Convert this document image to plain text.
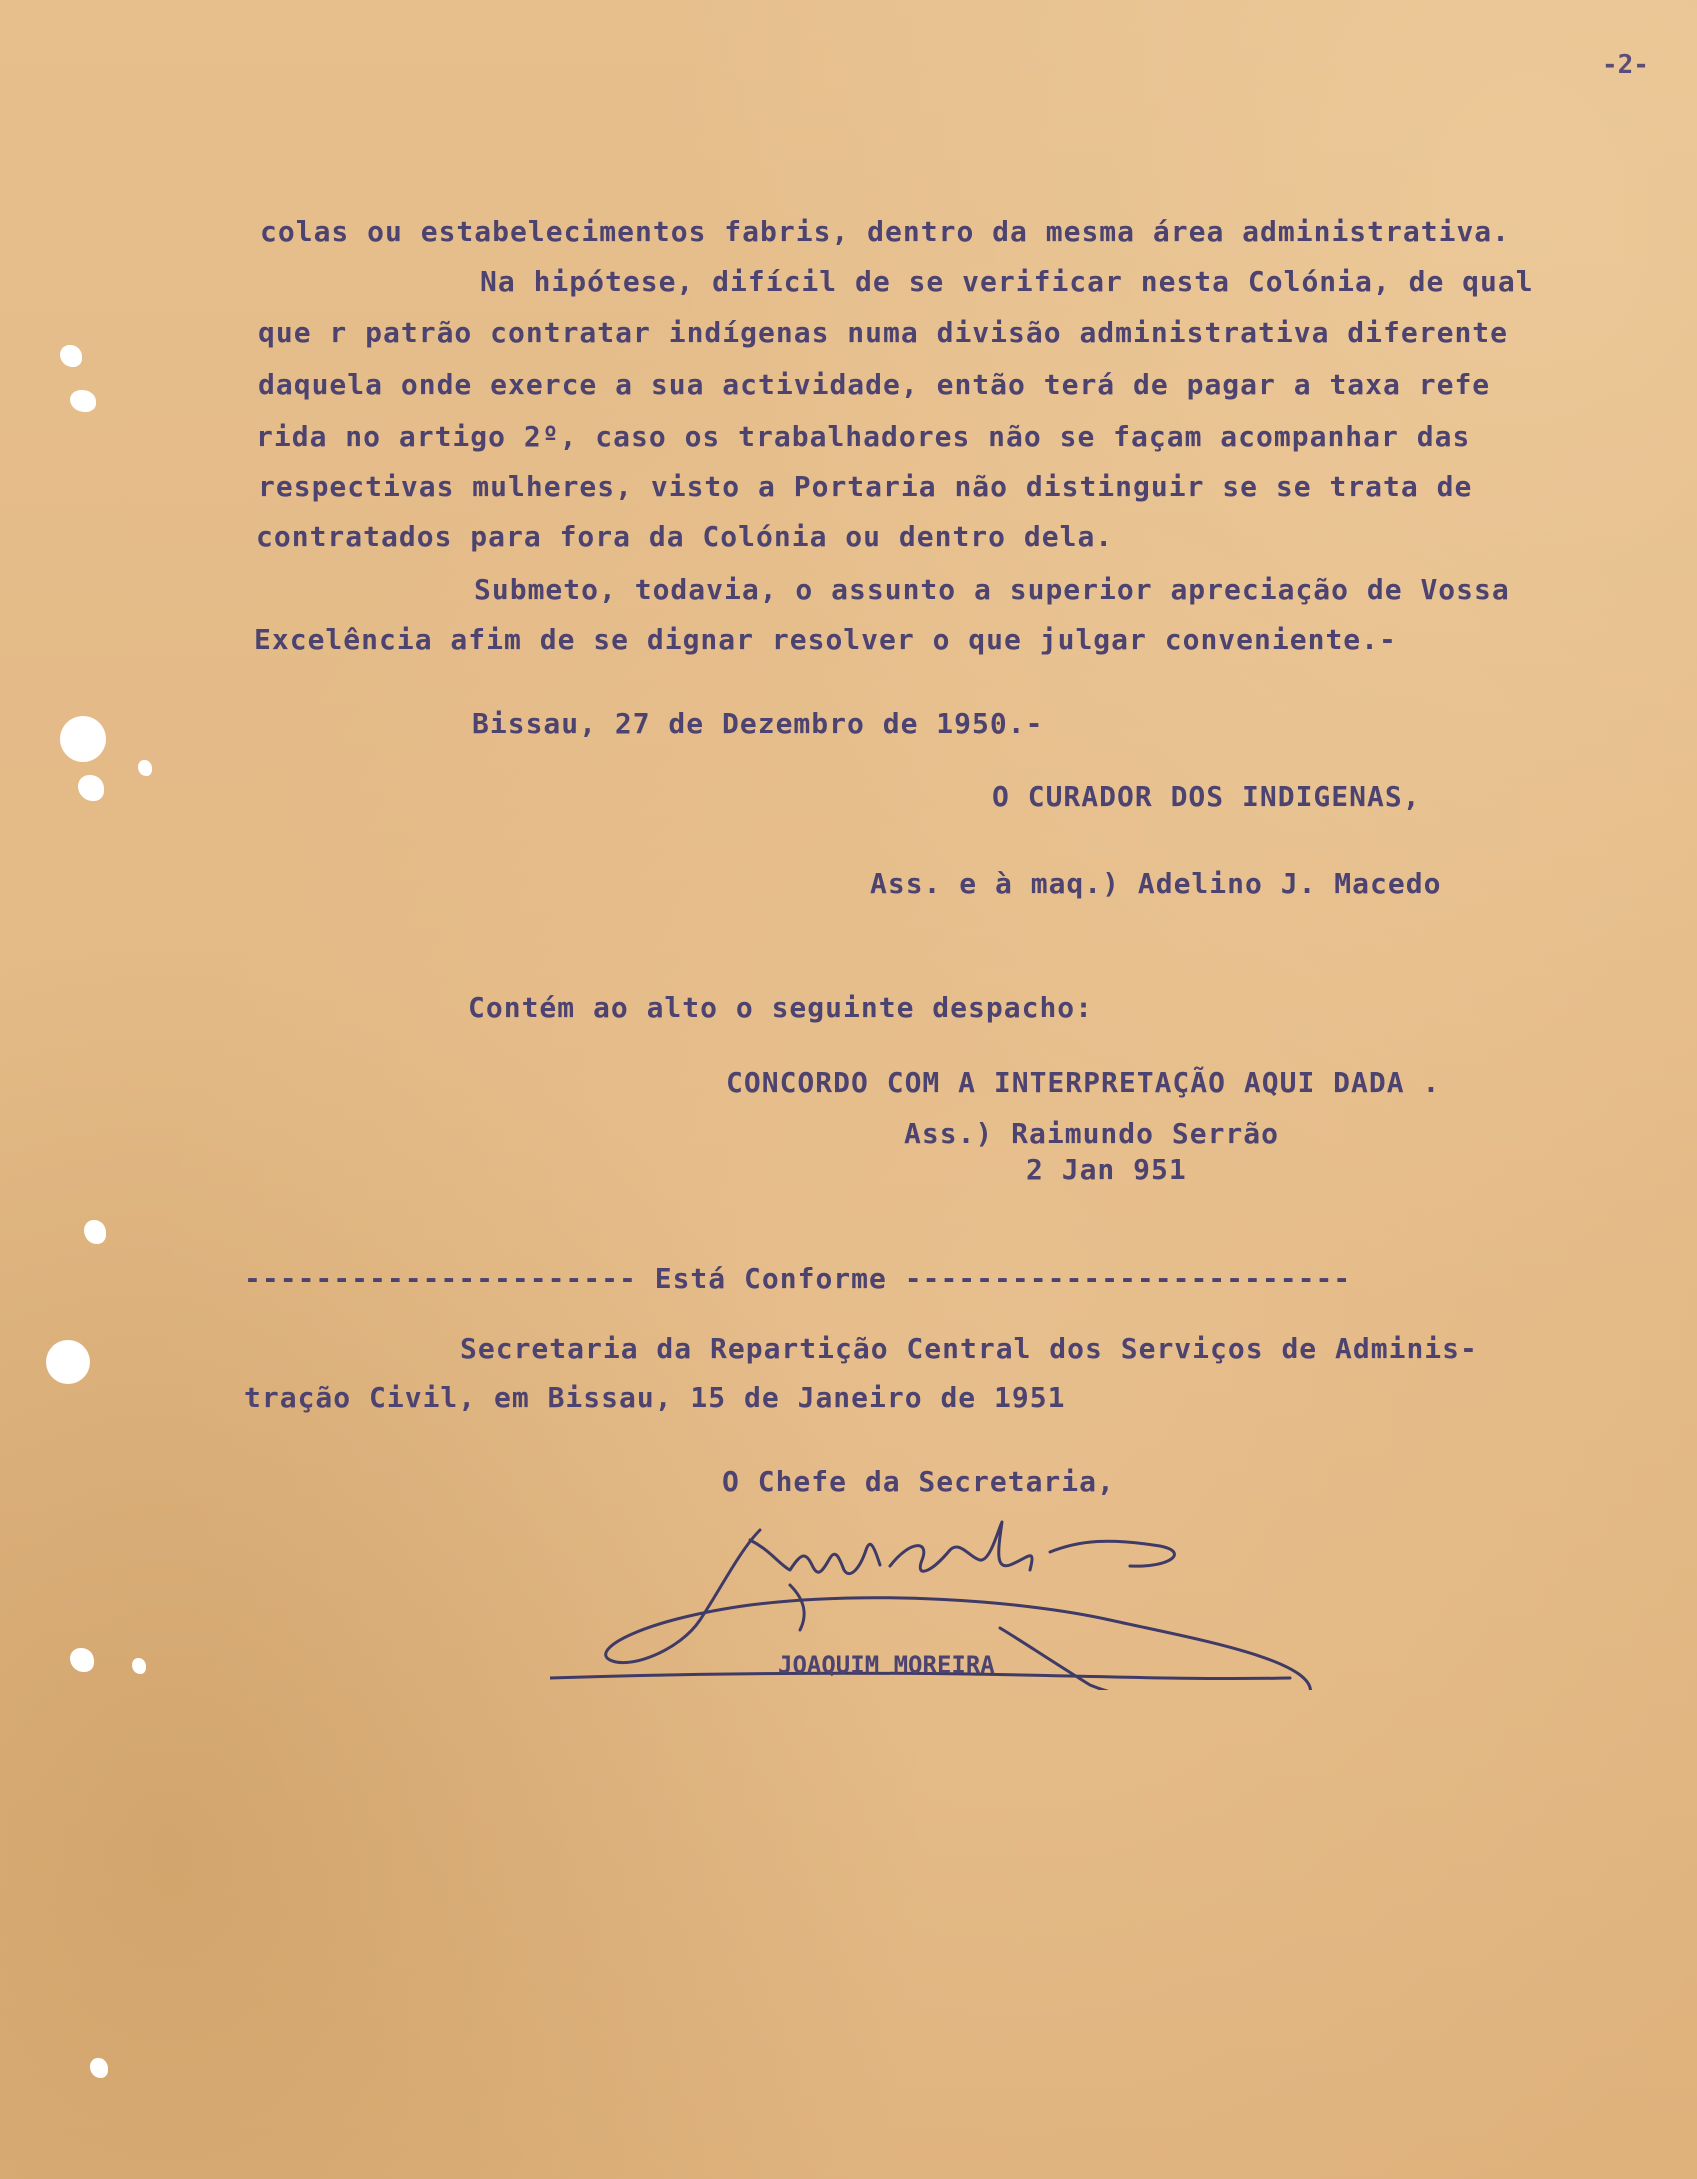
-2-
colas ou estabelecimentos fabris, dentro da mesma área administrativa.
Na hipótese, difícil de se verificar nesta Colónia, de qual
que r patrão contratar indígenas numa divisão administrativa diferente
daquela onde exerce a sua actividade, então terá de pagar a taxa refe
rida no artigo 2º, caso os trabalhadores não se façam acompanhar das
respectivas mulheres, visto a Portaria não distinguir se se trata de
contratados para fora da Colónia ou dentro dela.
Submeto, todavia, o assunto a superior apreciação de Vossa
Excelência afim de se dignar resolver o que julgar conveniente.-
Bissau, 27 de Dezembro de 1950.-
O CURADOR DOS INDIGENAS,
Ass. e à maq.) Adelino J. Macedo
Contém ao alto o seguinte despacho:
CONCORDO COM A INTERPRETAÇÃO AQUI DADA .
Ass.) Raimundo Serrão
2 Jan 951
---------------------- Está Conforme -------------------------
Secretaria da Repartição Central dos Serviços de Adminis-
tração Civil, em Bissau, 15 de Janeiro de 1951
O Chefe da Secretaria,
JOAQUIM MOREIRA
